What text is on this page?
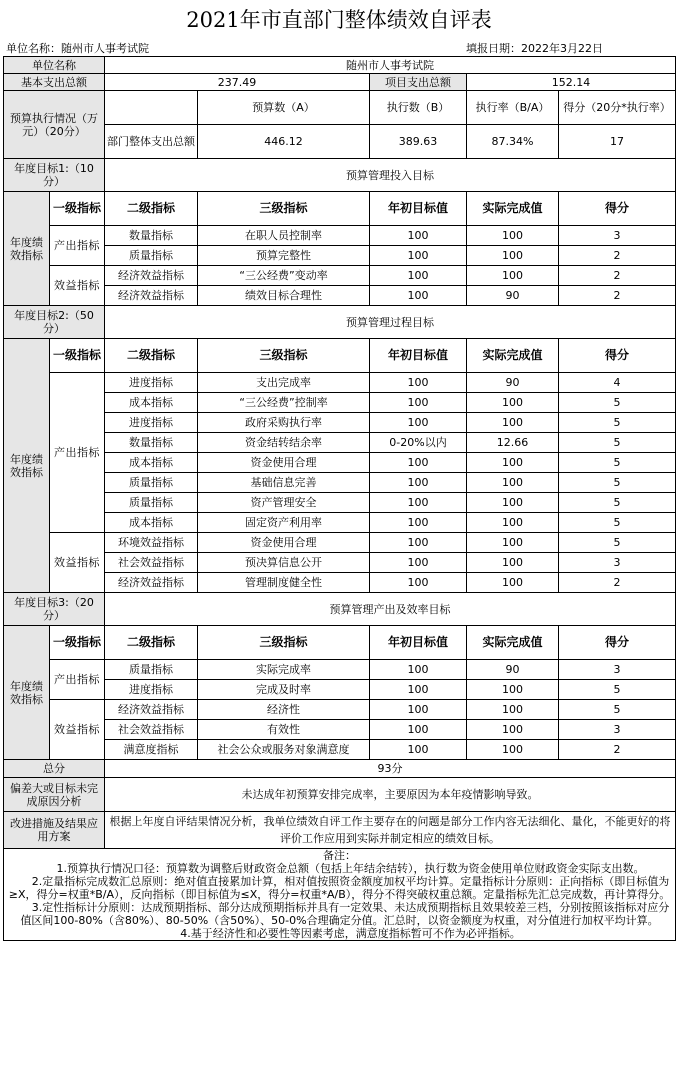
2021年市直部门整体绩效自评表
单位名称：随州市人事考试院	填报日期：2022年3月22日
单位名称		随州市人事考试院				
基本支出总额		237.49		项目支出总额	152.14	
预算执行情况（万元）（20分）			预算数（A）	执行数（B）	执行率（B/A）	得分（20分*执行率）
		部门整体支出总额	446.12	389.63	87.34%	17
年度目标1:（10分）		预算管理投入目标				
年度绩效指标	一级指标	二级指标	三级指标	年初目标值	实际完成值	得分
	产出指标	数量指标	在职人员控制率	100	100	3
		质量指标	预算完整性	100	100	2
	效益指标	经济效益指标	“三公经费”变动率	100	100	2
		经济效益指标	绩效目标合理性	100	90	2
年度目标2:（50分）		预算管理过程目标				
年度绩效指标	一级指标	二级指标	三级指标	年初目标值	实际完成值	得分
	产出指标	进度指标	支出完成率	100	90	4
		成本指标	“三公经费”控制率	100	100	5
		进度指标	政府采购执行率	100	100	5
		数量指标	资金结转结余率	0-20%以内	12.66	5
		成本指标	资金使用合理	100	100	5
		质量指标	基础信息完善	100	100	5
		质量指标	资产管理安全	100	100	5
		成本指标	固定资产利用率	100	100	5
	效益指标	环境效益指标	资金使用合理	100	100	5
		社会效益指标	预决算信息公开	100	100	3
		经济效益指标	管理制度健全性	100	100	2
年度目标3:（20分）		预算管理产出及效率目标				
年度绩效指标	一级指标	二级指标	三级指标	年初目标值	实际完成值	得分
	产出指标	质量指标	实际完成率	100	90	3
		进度指标	完成及时率	100	100	5
	效益指标	经济效益指标	经济性	100	100	5
		社会效益指标	有效性	100	100	3
		满意度指标	社会公众或服务对象满意度	100	100	2
总分		93分				
偏差大或目标未完成原因分析		未达成年初预算安排完成率，主要原因为本年疫情影响导致。				
改进措施及结果应用方案		根据上年度自评结果情况分析，我单位绩效自评工作主要存在的问题是部分工作内容无法细化、量化，不能更好的将评价工作应用到实际并制定相应的绩效目标。				

备注：

1.预算执行情况口径：预算数为调整后财政资金总额（包括上年结余结转），执行数为资金使用单位财政资金实际支出数。

2.定量指标完成数汇总原则：绝对值直接累加计算，相对值按照资金额度加权平均计算。定量指标计分原则：正向指标（即目标值为≥X，得分=权重*B/A），反向指标（即目标值为≤X，得分=权重*A/B），得分不得突破权重总额。定量指标先汇总完成数，再计算得分。

3.定性指标计分原则：达成预期指标、部分达成预期指标并具有一定效果、未达成预期指标且效果较差三档，分别按照该指标对应分值区间100-80%（含80%）、80-50%（含50%）、50-0%合理确定分值。汇总时，以资金额度为权重，对分值进行加权平均计算。

4.基于经济性和必要性等因素考虑，满意度指标暂可不作为必评指标。						
